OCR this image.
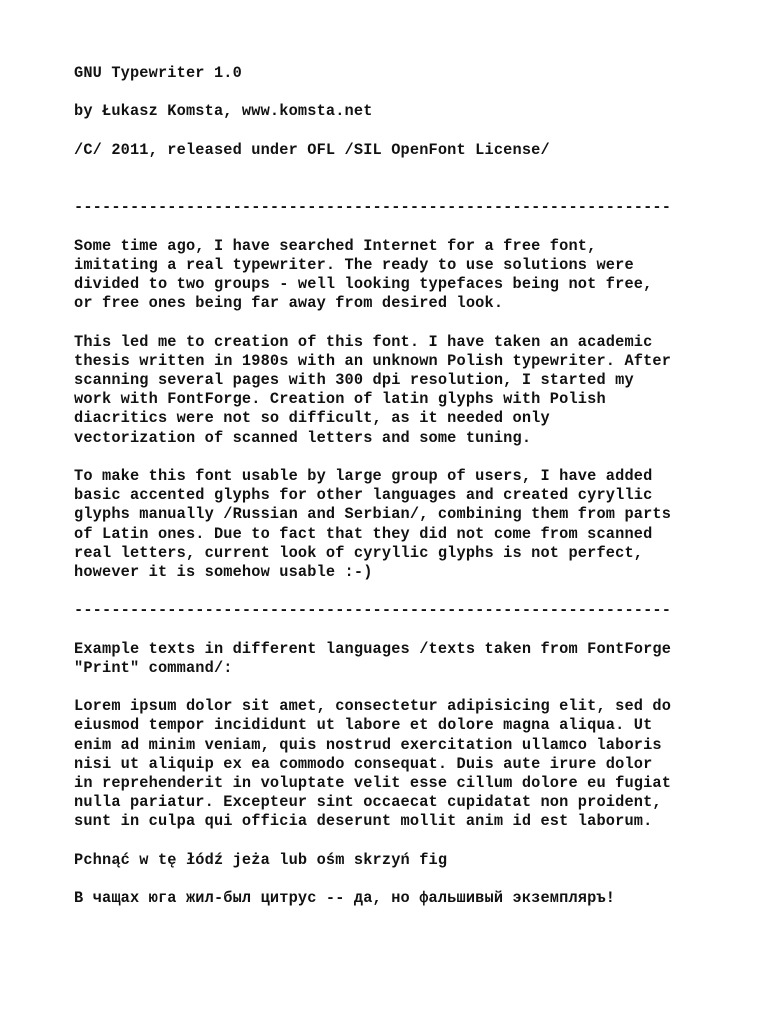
GNU Typewriter 1.0
by Łukasz Komsta, www.komsta.net
/C/ 2011, released under OFL /SIL OpenFont License/
----------------------------------------------------------------
Some time ago, I have searched Internet for a free font,
imitating a real typewriter. The ready to use solutions were
divided to two groups - well looking typefaces being not free,
or free ones being far away from desired look.
This led me to creation of this font. I have taken an academic
thesis written in 1980s with an unknown Polish typewriter. After
scanning several pages with 300 dpi resolution, I started my
work with FontForge. Creation of latin glyphs with Polish
diacritics were not so difficult, as it needed only
vectorization of scanned letters and some tuning.
To make this font usable by large group of users, I have added
basic accented glyphs for other languages and created cyryllic
glyphs manually /Russian and Serbian/, combining them from parts
of Latin ones. Due to fact that they did not come from scanned
real letters, current look of cyryllic glyphs is not perfect,
however it is somehow usable :-)
----------------------------------------------------------------
Example texts in different languages /texts taken from FontForge
"Print" command/:
Lorem ipsum dolor sit amet, consectetur adipisicing elit, sed do
eiusmod tempor incididunt ut labore et dolore magna aliqua. Ut
enim ad minim veniam, quis nostrud exercitation ullamco laboris
nisi ut aliquip ex ea commodo consequat. Duis aute irure dolor
in reprehenderit in voluptate velit esse cillum dolore eu fugiat
nulla pariatur. Excepteur sint occaecat cupidatat non proident,
sunt in culpa qui officia deserunt mollit anim id est laborum.
Pchnąć w tę łódź jeża lub ośm skrzyń fig
В чащах юга жил-был цитрус -- да, но фальшивый экземпляръ!
